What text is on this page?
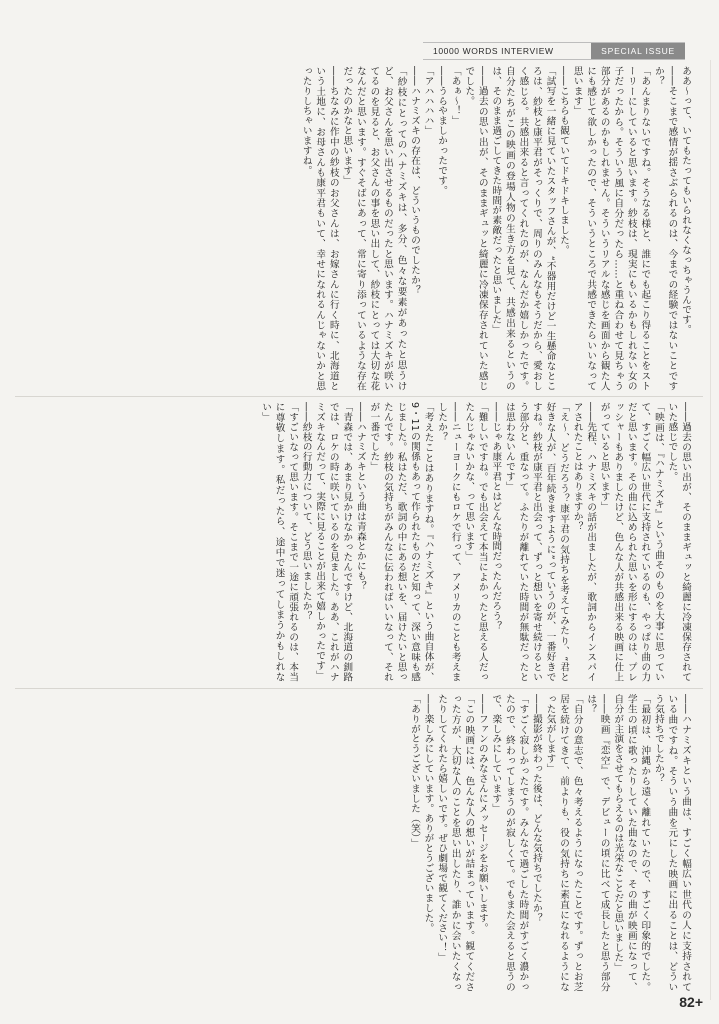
10000 WORDS INTERVIEW	SPECIAL ISSUE

ああ～って、いてもたってもいられなくなっちゃうんです。

――そこまで感情が揺さぶられるのは、今までの経験ではないことですか？

「あんまりないですね。そうなる様と、誰にでも起こり得ることをストーリーにしていると思います。紗枝は、現実にもいるかもしれない女の子だったから。そういう風に自分だったら……と重ね合わせて見ちゃう部分があるのかもしれません。そういうリアルな感じを画面から観た人にも感じて欲しかったので、そういうところで共感できたらいいなって思います」

――こちらも観ていてドキドキしました。

「試写を一緒に見ていたスタッフさんが、“不器用だけど一生懸命なところは、紗枝と康平君がそっくりで、周りのみんなもそうだから、愛おしく感じる。共感出来ると言ってくれたのが、なんだか嬉しかったです。自分たちがこの映画の登場人物の生き方を見て、共感出来るというのは、そのまま過ごしてきた時間が素敵だったと思いました」

――過去の思い出が、そのままギュッと綺麗に冷凍保存されていた感じでした。

「あぁ～！」

――うらやましかったです。

「アハハハハ」

――ハナミズキの存在は、どういうものでしたか？

「紗枝にとってのハナミズキは、多分、色々な要素があったと思うけど、お父さんを思い出させるものだったと思います。ハナミズキが咲いてるのを見ると、お父さんの事を思い出して、紗枝にとっては大切な花なんだと思います。すぐそばにあって、常に寄り添っているような存在だったのかなと思います」

――ちなみに作中の紗枝のお父さんは、お嫁さんに行く時に、北海道という土地に、お母さんも康平君もいて、幸せになれるんじゃないかと思ったりしちゃいますね。

――過去の思い出が、そのままギュッと綺麗に冷凍保存されていた感じでした。

「映画は、『ハナミズキ』という曲そのものを大事に思っていて、すごく幅広い世代に支持されているのも、やっぱり曲の力だと思います。その曲に込められた思いを形にするのは、プレッシャーもありましたけど、色んな人が共感出来る映画に仕上がっていると思います」

――先程、ハナミズキの話が出ましたが、歌詞からインスパイアされたことはありますか？

「え～、どうだろう？康平君の気持ちを考えてみたり、“君と好きな人が、百年続きますように”っていうのが、一番好きですね。紗枝が康平君と出会って、ずっと想いを寄せ続けるという部分と、重なって。ふたりが離れていた時間が無駄だったとは思わないんです」

――じゃあ康平君とはどんな時間だったんだろう？

「難しいですね。でも出会えて本当によかったと思える人だったんじゃないかな、って思います」

――ニューヨークにもロケで行って、アメリカのことも考えましたか？

「考えたことはありますね。『ハナミズキ』という曲自体が、9・11の関係もあって作られたものだと知って、深い意味も感じました。私はただ、歌詞の中にある想いを、届けたいと思ったんです。紗枝の気持ちがみんなに伝わればいいなって、それが一番でした」

――ハナミズキという曲は青森とかにも？

「青森では、あまり見かけなかったんですけど、北海道の釧路では、ロケの時に咲いているのを見ました。ああ、これがハナミズキなんだって、実際に見ることが出来て嬉しかったです」

――紗枝の行動力について、どう思いましたか？

「すごいなって思います。そこまで一途に頑張れるのは、本当に尊敬します。私だったら、途中で迷ってしまうかもしれない」

――ハナミズキという曲は、すごく幅広い世代の人に支持されている曲ですね。そういう曲を元にした映画に出ることは、どういう気持ちでしたか？

「最初は、沖縄から遠く離れていたので、すごく印象的でした。学生の頃に歌ったりしていた曲なので、その曲が映画になって、自分が主演をさせてもらえるのは光栄なことだと思いました」

――映画『恋空』で、デビューの頃に比べて成長したと思う部分は？

「自分の意志で、色々考えるようになったことです。ずっとお芝居を続けてきて、前よりも、役の気持ちに素直になれるようになった気がします」

――撮影が終わった後は、どんな気持ちでしたか？

「すごく寂しかったです。みんなで過ごした時間がすごく濃かったので、終わってしまうのが寂しくて。でもまた会えると思うので、楽しみにしています」

――ファンのみなさんにメッセージをお願いします。

「この映画には、色んな人の想いが詰まっています。観てくださった方が、大切な人のことを思い出したり、誰かに会いたくなったりしてくれたら嬉しいです。ぜひ劇場で観てください！」

――楽しみにしています。ありがとうございました。

「ありがとうございました（笑）」

82+
